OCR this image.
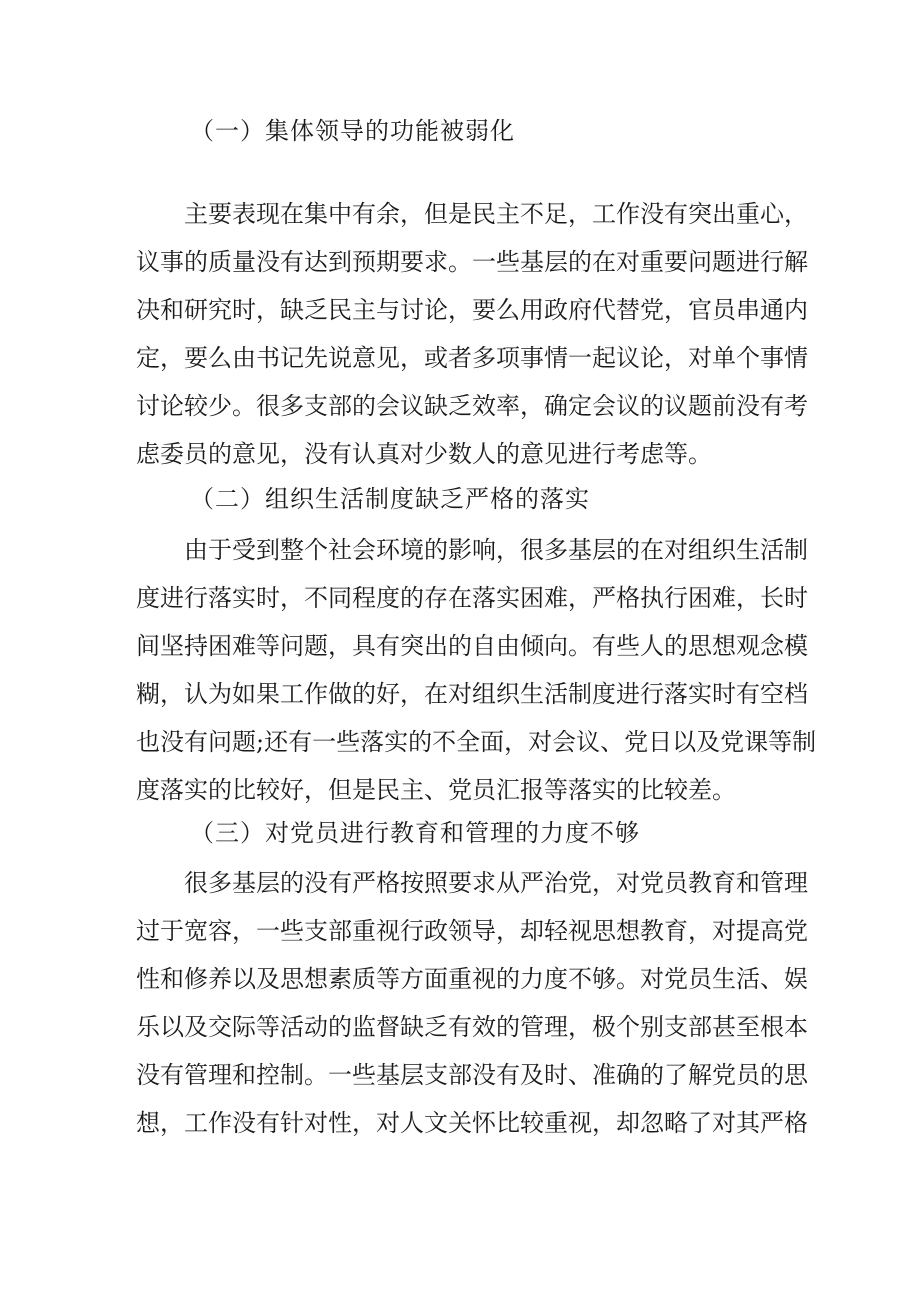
（一）集体领导的功能被弱化
主要表现在集中有余，但是民主不足，工作没有突出重心，
议事的质量没有达到预期要求。一些基层的在对重要问题进行解
决和研究时，缺乏民主与讨论，要么用政府代替党，官员串通内
定，要么由书记先说意见，或者多项事情一起议论，对单个事情
讨论较少。很多支部的会议缺乏效率，确定会议的议题前没有考
虑委员的意见，没有认真对少数人的意见进行考虑等。
（二）组织生活制度缺乏严格的落实
由于受到整个社会环境的影响，很多基层的在对组织生活制
度进行落实时，不同程度的存在落实困难，严格执行困难，长时
间坚持困难等问题，具有突出的自由倾向。有些人的思想观念模
糊，认为如果工作做的好，在对组织生活制度进行落实时有空档
也没有问题;还有一些落实的不全面，对会议、党日以及党课等制
度落实的比较好，但是民主、党员汇报等落实的比较差。
（三）对党员进行教育和管理的力度不够
很多基层的没有严格按照要求从严治党，对党员教育和管理
过于宽容，一些支部重视行政领导，却轻视思想教育，对提高党
性和修养以及思想素质等方面重视的力度不够。对党员生活、娱
乐以及交际等活动的监督缺乏有效的管理，极个别支部甚至根本
没有管理和控制。一些基层支部没有及时、准确的了解党员的思
想，工作没有针对性，对人文关怀比较重视，却忽略了对其严格
